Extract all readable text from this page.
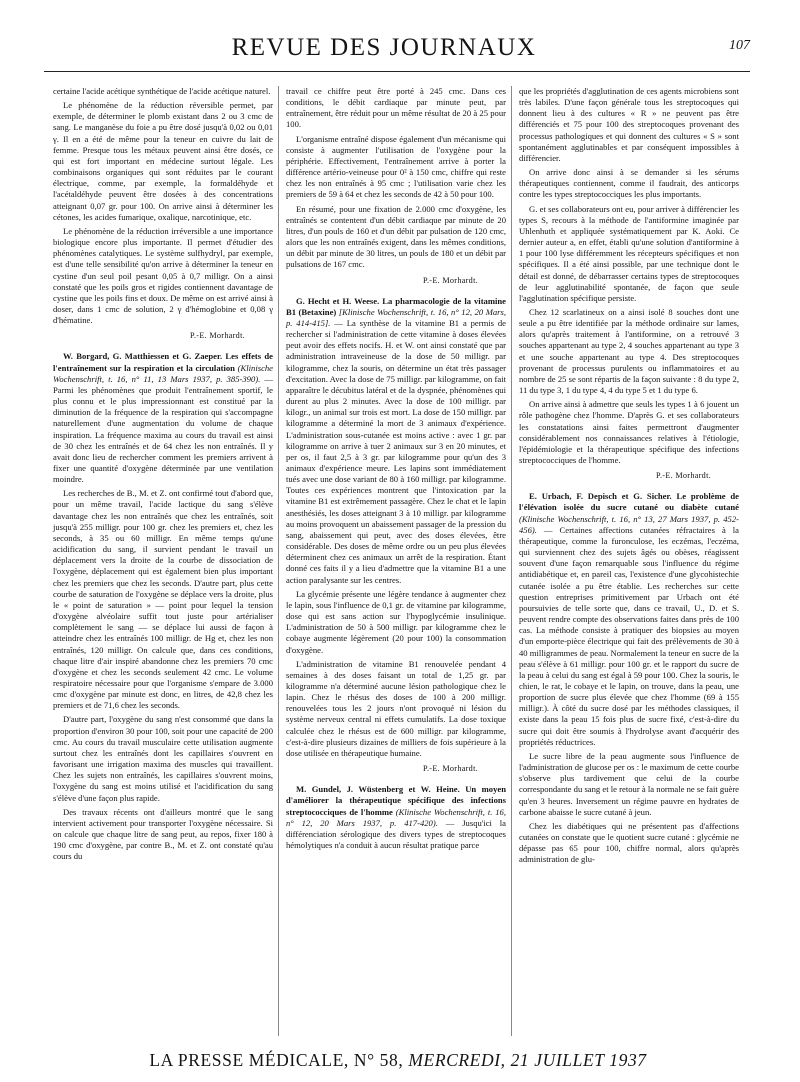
REVUE DES JOURNAUX	107

certaine l'acide acétique synthétique de l'acide acétique naturel.

Le phénomène de la réduction réversible permet, par exemple, de déterminer le plomb existant dans 2 ou 3 cmc de sang. Le manganèse du foie a pu être dosé jusqu'à 0,02 ou 0,01 γ. Il en a été de même pour la teneur en cuivre du lait de femme. Presque tous les métaux peuvent ainsi être dosés, ce qui est fort important en médecine surtout légale. Les combinaisons organiques qui sont réduites par le courant électrique, comme, par exemple, la formaldéhyde et l'acétaldéhyde peuvent être dosées à des concentrations atteignant 0,07 gr. pour 100. On arrive ainsi à déterminer les cétones, les acides fumarique, oxalique, narcotinique, etc.

Le phénomène de la réduction irréversible a une importance biologique encore plus importante. Il permet d'étudier des phénomènes catalytiques. Le système sulfhydryl, par exemple, est d'une telle sensibilité qu'on arrive à déterminer la teneur en cystine d'un seul poil pesant 0,05 à 0,7 milligr. On a ainsi constaté que les poils gros et rigides contiennent davantage de cystine que les poils fins et doux. De même on est arrivé ainsi à doser, dans 1 cmc de solution, 2 γ d'hémoglobine et 0,08 γ d'hématine.

P.-E. Morhardt.

W. Borgard, G. Matthiessen et G. Zaeper. Les effets de l'entraînement sur la respiration et la circulation (Klinische Wochenschrift, t. 16, n° 11, 13 Mars 1937, p. 385-390). — Parmi les phénomènes que produit l'entraînement sportif, le plus connu et le plus impressionnant est constitué par la diminution de la fréquence de la respiration qui s'accompagne naturellement d'une augmentation du volume de chaque inspiration. La fréquence maxima au cours du travail est ainsi de 30 chez les entraînés et de 64 chez les non entraînés. Il y avait donc lieu de rechercher comment les premiers arrivent à fixer une quantité d'oxygène déterminée par une ventilation moindre.

Les recherches de B., M. et Z. ont confirmé tout d'abord que, pour un même travail, l'acide lactique du sang s'élève davantage chez les non entraînés que chez les entraînés, soit jusqu'à 255 milligr. pour 100 gr. chez les premiers et, chez les seconds, à 35 ou 60 milligr. En même temps qu'une acidification du sang, il survient pendant le travail un déplacement vers la droite de la courbe de dissociation de l'oxygène, déplacement qui est également bien plus important chez les premiers que chez les seconds. D'autre part, plus cette courbe de saturation de l'oxygène se déplace vers la droite, plus le « point de saturation » — point pour lequel la tension d'oxygène alvéolaire suffit tout juste pour artérialiser complètement le sang — se déplace lui aussi de façon à atteindre chez les entraînés 100 milligr. de Hg et, chez les non entraînés, 120 milligr. On calcule que, dans ces conditions, chaque litre d'air inspiré abandonne chez les premiers 70 cmc d'oxygène et chez les seconds seulement 42 cmc. Le volume respiratoire nécessaire pour que l'organisme s'empare de 3.000 cmc d'oxygène par minute est donc, en litres, de 42,8 chez les premiers et de 71,6 chez les seconds.

D'autre part, l'oxygène du sang n'est consommé que dans la proportion d'environ 30 pour 100, soit pour une capacité de 200 cmc. Au cours du travail musculaire cette utilisation augmente surtout chez les entraînés dont les capillaires s'ouvrent en favorisant une irrigation maxima des muscles qui travaillent. Chez les sujets non entraînés, les capillaires s'ouvrent moins, l'oxygène du sang est moins utilisé et l'acidification du sang s'élève d'une façon plus rapide.

Des travaux récents ont d'ailleurs montré que le sang intervient activement pour transporter l'oxygène nécessaire. Si on calcule que chaque litre de sang peut, au repos, fixer 180 à 190 cmc d'oxygène, par contre B., M. et Z. ont constaté qu'au cours du

travail ce chiffre peut être porté à 245 cmc. Dans ces conditions, le débit cardiaque par minute peut, par entraînement, être réduit pour un même résultat de 20 à 25 pour 100.

L'organisme entraîné dispose également d'un mécanisme qui consiste à augmenter l'utilisation de l'oxygène pour la périphérie. Effectivement, l'entraînement arrive à porter la différence artério-veineuse pour 0² à 150 cmc, chiffre qui reste chez les non entraînés à 95 cmc ; l'utilisation varie chez les premiers de 59 à 64 et chez les seconds de 42 à 50 pour 100.

En résumé, pour une fixation de 2.000 cmc d'oxygène, les entraînés se contentent d'un débit cardiaque par minute de 20 litres, d'un pouls de 160 et d'un débit par pulsation de 120 cmc, alors que les non entraînés exigent, dans les mêmes conditions, un débit par minute de 30 litres, un pouls de 180 et un débit par pulsations de 167 cmc.

P.-E. Morhardt.

G. Hecht et H. Weese. La pharmacologie de la vitamine B1 (Betaxine) [Klinische Wochenschrift, t. 16, n° 12, 20 Mars, p. 414-415]. — La synthèse de la vitamine B1 a permis de rechercher si l'administration de cette vitamine à doses élevées peut avoir des effets nocifs. H. et W. ont ainsi constaté que par administration intraveineuse de la dose de 50 milligr. par kilogramme, chez la souris, on détermine un état très passager d'excitation. Avec la dose de 75 milligr. par kilogramme, on fait apparaître le décubitus latéral et de la dyspnée, phénomènes qui durent au plus 2 minutes. Avec la dose de 100 milligr. par kilogr., un animal sur trois est mort. La dose de 150 milligr. par kilogramme a déterminé la mort de 3 animaux d'expérience. L'administration sous-cutanée est moins active : avec 1 gr. par kilogramme on arrive à tuer 2 animaux sur 3 en 20 minutes, et per os, il faut 2,5 à 3 gr. par kilogramme pour qu'un des 3 animaux d'expérience meure. Les lapins sont immédiatement tués avec une dose variant de 80 à 160 milligr. par kilogramme. Toutes ces expériences montrent que l'intoxication par la vitamine B1 est extrêmement passagère. Chez le chat et le lapin anesthésiés, les doses atteignant 3 à 10 milligr. par kilogramme au moins provoquent un abaissement passager de la pression du sang, abaissement qui peut, avec des doses élevées, être considérable. Des doses de même ordre ou un peu plus élevées déterminent chez ces animaux un arrêt de la respiration. Étant donné ces faits il y a lieu d'admettre que la vitamine B1 a une action paralysante sur les centres.

La glycémie présente une légère tendance à augmenter chez le lapin, sous l'influence de 0,1 gr. de vitamine par kilogramme, dose qui est sans action sur l'hypoglycémie insulinique. L'administration de 50 à 500 milligr. par kilogramme chez le cobaye augmente légèrement (20 pour 100) la consommation d'oxygène.

L'administration de vitamine B1 renouvelée pendant 4 semaines à des doses faisant un total de 1,25 gr. par kilogramme n'a déterminé aucune lésion pathologique chez le lapin. Chez le rhésus des doses de 100 à 200 milligr. renouvelées tous les 2 jours n'ont provoqué ni lésion du système nerveux central ni effets cumulatifs. La dose toxique calculée chez le rhésus est de 600 milligr. par kilogramme, c'est-à-dire plusieurs dizaines de milliers de fois supérieure à la dose utilisée en thérapeutique humaine.

P.-E. Morhardt.

M. Gundel, J. Wüstenberg et W. Heine. Un moyen d'améliorer la thérapeutique spécifique des infections streptococciques de l'homme (Klinische Wochenschrift, t. 16, n° 12, 20 Mars 1937, p. 417-420). — Jusqu'ici la différenciation sérologique des divers types de streptocoques hémolytiques n'a conduit à aucun résultat pratique parce

que les propriétés d'agglutination de ces agents microbiens sont très labiles. D'une façon générale tous les streptocoques qui donnent lieu à des cultures « R » ne peuvent pas être différenciés et 75 pour 100 des streptocoques provenant des processus pathologiques et qui donnent des cultures « S » sont spontanément agglutinables et par conséquent impossibles à différencier.

On arrive donc ainsi à se demander si les sérums thérapeutiques contiennent, comme il faudrait, des anticorps contre les types streptococciques les plus importants.

G. et ses collaborateurs ont eu, pour arriver à différencier les types S, recours à la méthode de l'antiformine imaginée par Uhlenhuth et appliquée systématiquement par K. Aoki. Ce dernier auteur a, en effet, établi qu'une solution d'antiformine à 1 pour 100 lyse différemment les récepteurs spécifiques et non spécifiques. Il a été ainsi possible, par une technique dont le détail est donné, de débarrasser certains types de streptocoques de leur agglutinabilité spontanée, de façon que seule l'agglutination spécifique persiste.

Chez 12 scarlatineux on a ainsi isolé 8 souches dont une seule a pu être identifiée par la méthode ordinaire sur lames, alors qu'après traitement à l'antiformine, on a retrouvé 3 souches appartenant au type 2, 4 souches appartenant au type 3 et une souche appartenant au type 4. Des streptocoques provenant de processus purulents ou inflammatoires et au nombre de 25 se sont répartis de la façon suivante : 8 du type 2, 11 du type 3, 1 du type 4, 4 du type 5 et 1 du type 6.

On arrive ainsi à admettre que seuls les types 1 à 6 jouent un rôle pathogène chez l'homme. D'après G. et ses collaborateurs les constatations ainsi faites permettront d'augmenter considérablement nos connaissances relatives à l'étiologie, l'épidémiologie et la thérapeutique spécifique des infections streptococciques de l'homme.

P.-E. Morhardt.

E. Urbach, F. Depisch et G. Sicher. Le problème de l'élévation isolée du sucre cutané ou diabète cutané (Klinische Wochenschrift, t. 16, n° 13, 27 Mars 1937, p. 452-456). — Certaines affections cutanées réfractaires à la thérapeutique, comme la furonculose, les eczémas, l'eczéma, qui surviennent chez des sujets âgés ou obèses, réagissent souvent d'une façon remarquable sous l'influence du régime antidiabétique et, en pareil cas, l'existence d'une glycohistechie cutanée isolée a pu être établie. Les recherches sur cette question entreprises primitivement par Urbach ont été poursuivies de telle sorte que, dans ce travail, U., D. et S. peuvent rendre compte des observations faites dans près de 100 cas. La méthode consiste à pratiquer des biopsies au moyen d'un emporte-pièce électrique qui fait des prélèvements de 30 à 40 milligrammes de peau. Normalement la teneur en sucre de la peau s'élève à 61 milligr. pour 100 gr. et le rapport du sucre de la peau à celui du sang est égal à 59 pour 100. Chez la souris, le chien, le rat, le cobaye et le lapin, on trouve, dans la peau, une proportion de sucre plus élevée que chez l'homme (69 à 155 milligr.). À côté du sucre dosé par les méthodes classiques, il existe dans la peau 15 fois plus de sucre fixé, c'est-à-dire du sucre qui doit être soumis à l'hydrolyse avant d'acquérir des propriétés réductrices.

Le sucre libre de la peau augmente sous l'influence de l'administration de glucose per os : le maximum de cette courbe s'observe plus tardivement que celui de la courbe correspondante du sang et le retour à la normale ne se fait guère qu'en 3 heures. Inversement un régime pauvre en hydrates de carbone abaisse le sucre cutané à jeun.

Chez les diabétiques qui ne présentent pas d'affections cutanées on constate que le quotient sucre cutané : glycémie ne dépasse pas 65 pour 100, chiffre normal, alors qu'après administration de glu-

LA PRESSE MÉDICALE, N° 58, MERCREDI, 21 JUILLET 1937
